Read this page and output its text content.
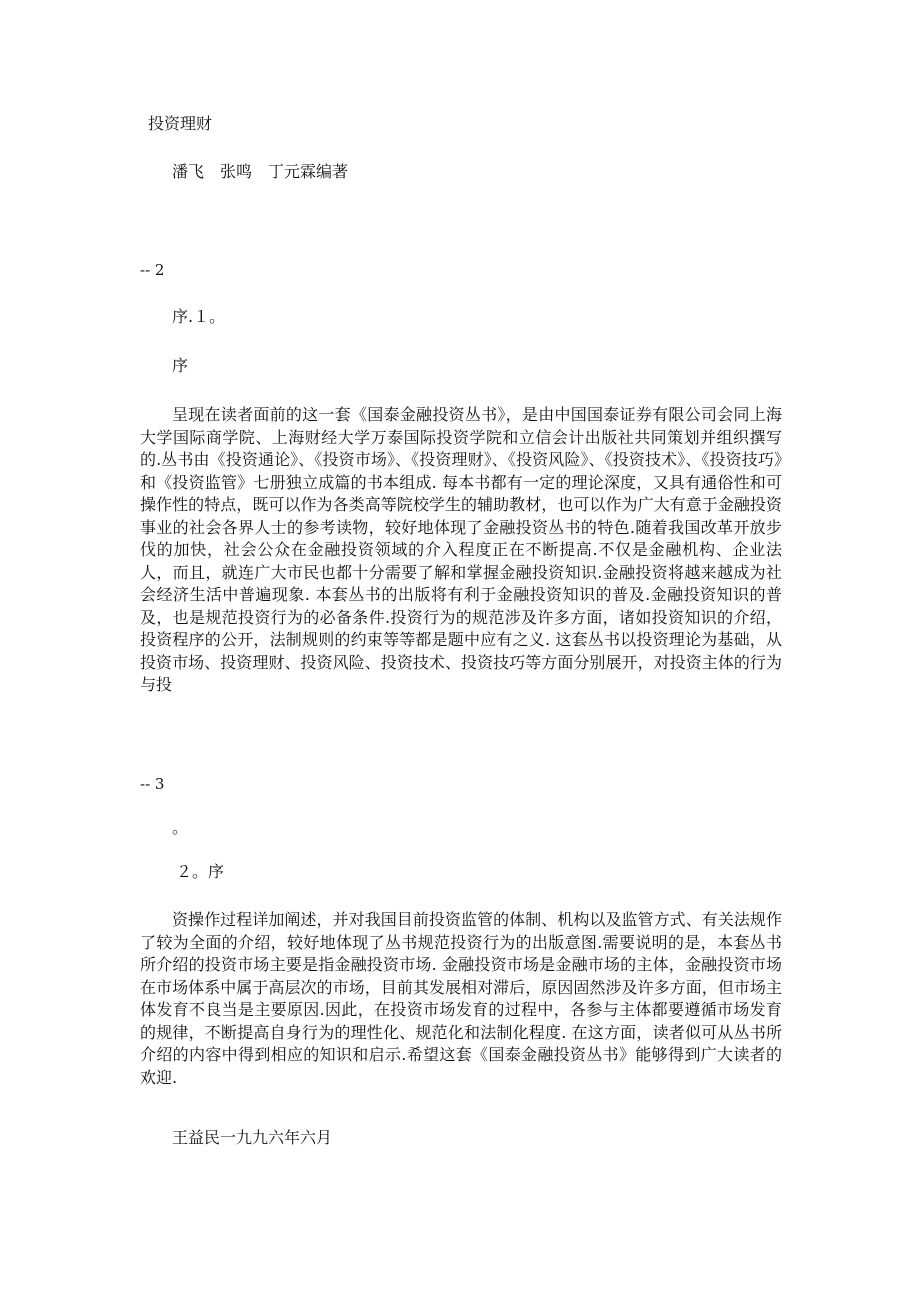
投资理财
潘飞　张鸣　丁元霖编著
-- 2
序.１。
序

呈现在读者面前的这一套《国泰金融投资丛书》，是由中国国泰证券有限公司会同上海大学国际商学院、上海财经大学万泰国际投资学院和立信会计出版社共同策划并组织撰写的.丛书由《投资通论》、《投资市场》、《投资理财》、《投资风险》、《投资技术》、《投资技巧》和《投资监管》七册独立成篇的书本组成. 每本书都有一定的理论深度，又具有通俗性和可操作性的特点，既可以作为各类高等院校学生的辅助教材，也可以作为广大有意于金融投资事业的社会各界人士的参考读物，较好地体现了金融投资丛书的特色.随着我国改革开放步伐的加快，社会公众在金融投资领域的介入程度正在不断提高.不仅是金融机构、企业法人，而且，就连广大市民也都十分需要了解和掌握金融投资知识.金融投资将越来越成为社会经济生活中普遍现象. 本套丛书的出版将有利于金融投资知识的普及.金融投资知识的普及，也是规范投资行为的必备条件.投资行为的规范涉及许多方面，诸如投资知识的介绍，投资程序的公开，法制规则的约束等等都是题中应有之义. 这套丛书以投资理论为基础，从投资市场、投资理财、投资风险、投资技术、投资技巧等方面分别展开，对投资主体的行为与投

-- 3
。
２。序

资操作过程详加阐述，并对我国目前投资监管的体制、机构以及监管方式、有关法规作了较为全面的介绍，较好地体现了丛书规范投资行为的出版意图.需要说明的是，本套丛书所介绍的投资市场主要是指金融投资市场. 金融投资市场是金融市场的主体，金融投资市场在市场体系中属于高层次的市场，目前其发展相对滞后，原因固然涉及许多方面，但市场主体发育不良当是主要原因.因此，在投资市场发育的过程中，各参与主体都要遵循市场发育的规律，不断提高自身行为的理性化、规范化和法制化程度. 在这方面，读者似可从丛书所介绍的内容中得到相应的知识和启示.希望这套《国泰金融投资丛书》能够得到广大读者的欢迎.

王益民一九九六年六月
